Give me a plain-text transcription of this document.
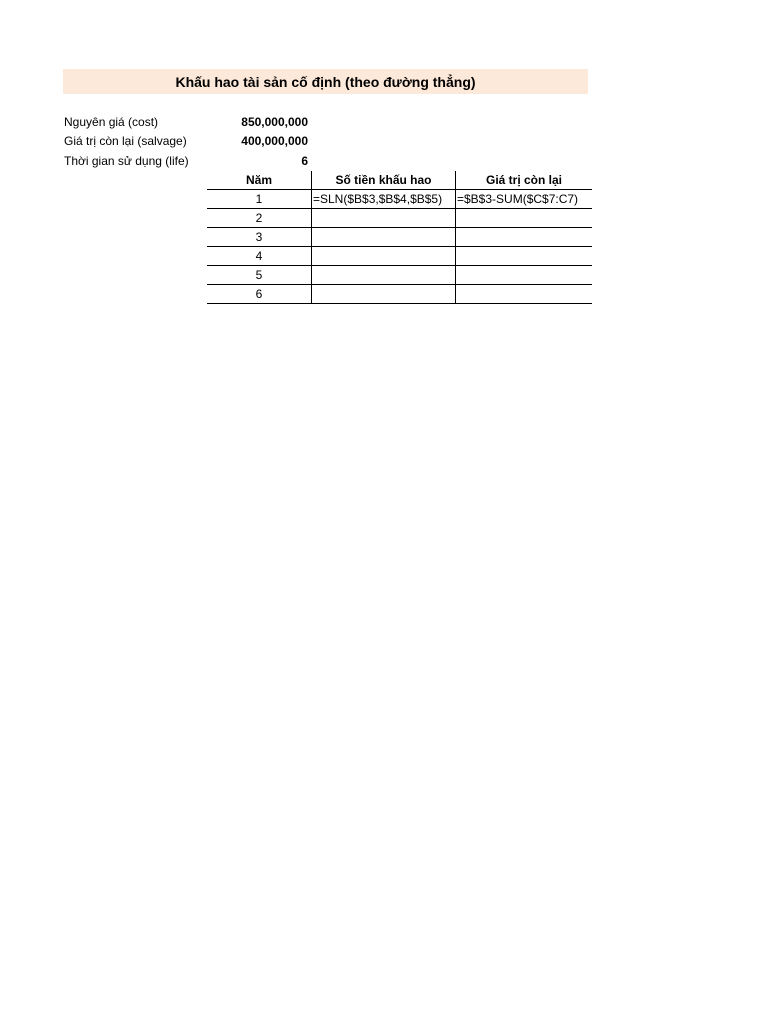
Khấu hao tài sản cố định (theo đường thẳng)
Nguyên giá (cost)	850,000,000
Giá trị còn lại (salvage)	400,000,000
Thời gian sử dụng (life)	6
Năm	Số tiền khấu hao	Giá trị còn lại
1	=SLN($B$3,$B$4,$B$5)	=$B$3-SUM($C$7:C7)
2		
3		
4		
5		
6		
